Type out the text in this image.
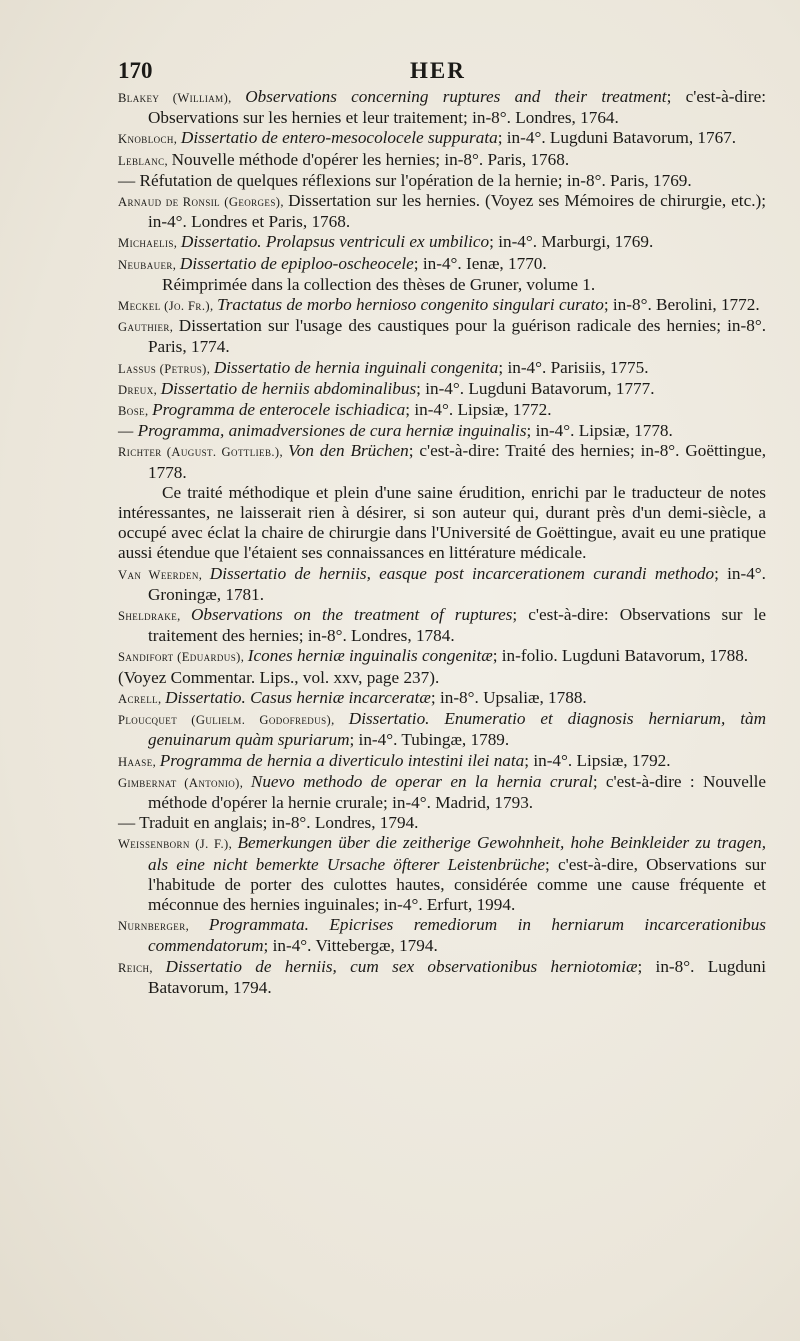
170	HER

Blakey (William), Observations concerning ruptures and their treatment; c'est-à-dire: Observations sur les hernies et leur traitement; in-8°. Londres, 1764.

Knobloch, Dissertatio de entero-mesocolocele suppurata; in-4°. Lugduni Batavorum, 1767.

Leblanc, Nouvelle méthode d'opérer les hernies; in-8°. Paris, 1768.

— Réfutation de quelques réflexions sur l'opération de la hernie; in-8°. Paris, 1769.

Arnaud de Ronsil (Georges), Dissertation sur les hernies. (Voyez ses Mémoires de chirurgie, etc.); in-4°. Londres et Paris, 1768.

Michaelis, Dissertatio. Prolapsus ventriculi ex umbilico; in-4°. Marburgi, 1769.

Neubauer, Dissertatio de epiploo-oscheocele; in-4°. Ienæ, 1770.

Réimprimée dans la collection des thèses de Gruner, volume 1.

Meckel (Jo. Fr.), Tractatus de morbo hernioso congenito singulari curato; in-8°. Berolini, 1772.

Gauthier, Dissertation sur l'usage des caustiques pour la guérison radicale des hernies; in-8°. Paris, 1774.

Lassus (Petrus), Dissertatio de hernia inguinali congenita; in-4°. Parisiis, 1775.

Dreux, Dissertatio de herniis abdominalibus; in-4°. Lugduni Batavorum, 1777.

Bose, Programma de enterocele ischiadica; in-4°. Lipsiæ, 1772.

— Programma, animadversiones de cura herniæ inguinalis; in-4°. Lipsiæ, 1778.

Richter (August. Gottlieb.), Von den Brüchen; c'est-à-dire: Traité des hernies; in-8°. Goëttingue, 1778.

Ce traité méthodique et plein d'une saine érudition, enrichi par le traducteur de notes intéressantes, ne laisserait rien à désirer, si son auteur qui, durant près d'un demi-siècle, a occupé avec éclat la chaire de chirurgie dans l'Université de Goëttingue, avait eu une pratique aussi étendue que l'étaient ses connaissances en littérature médicale.

Van Weerden, Dissertatio de herniis, easque post incarcerationem curandi methodo; in-4°. Groningæ, 1781.

Sheldrake, Observations on the treatment of ruptures; c'est-à-dire: Observations sur le traitement des hernies; in-8°. Londres, 1784.

Sandifort (Eduardus), Icones herniæ inguinalis congenitæ; in-folio. Lugduni Batavorum, 1788.

(Voyez Commentar. Lips., vol. xxv, page 237).

Acrell, Dissertatio. Casus herniæ incarceratæ; in-8°. Upsaliæ, 1788.

Ploucquet (Gulielm. Godofredus), Dissertatio. Enumeratio et diagnosis herniarum, tàm genuinarum quàm spuriarum; in-4°. Tubingæ, 1789.

Haase, Programma de hernia a diverticulo intestini ilei nata; in-4°. Lipsiæ, 1792.

Gimbernat (Antonio), Nuevo methodo de operar en la hernia crural; c'est-à-dire : Nouvelle méthode d'opérer la hernie crurale; in-4°. Madrid, 1793.

— Traduit en anglais; in-8°. Londres, 1794.

Weissenborn (J. F.), Bemerkungen über die zeitherige Gewohnheit, hohe Beinkleider zu tragen, als eine nicht bemerkte Ursache öfterer Leistenbrüche; c'est-à-dire, Observations sur l'habitude de porter des culottes hautes, considérée comme une cause fréquente et méconnue des hernies inguinales; in-4°. Erfurt, 1994.

Nurnberger, Programmata. Epicrises remediorum in herniarum incarcerationibus commendatorum; in-4°. Vittebergæ, 1794.

Reich, Dissertatio de herniis, cum sex observationibus herniotomiæ; in-8°. Lugduni Batavorum, 1794.
